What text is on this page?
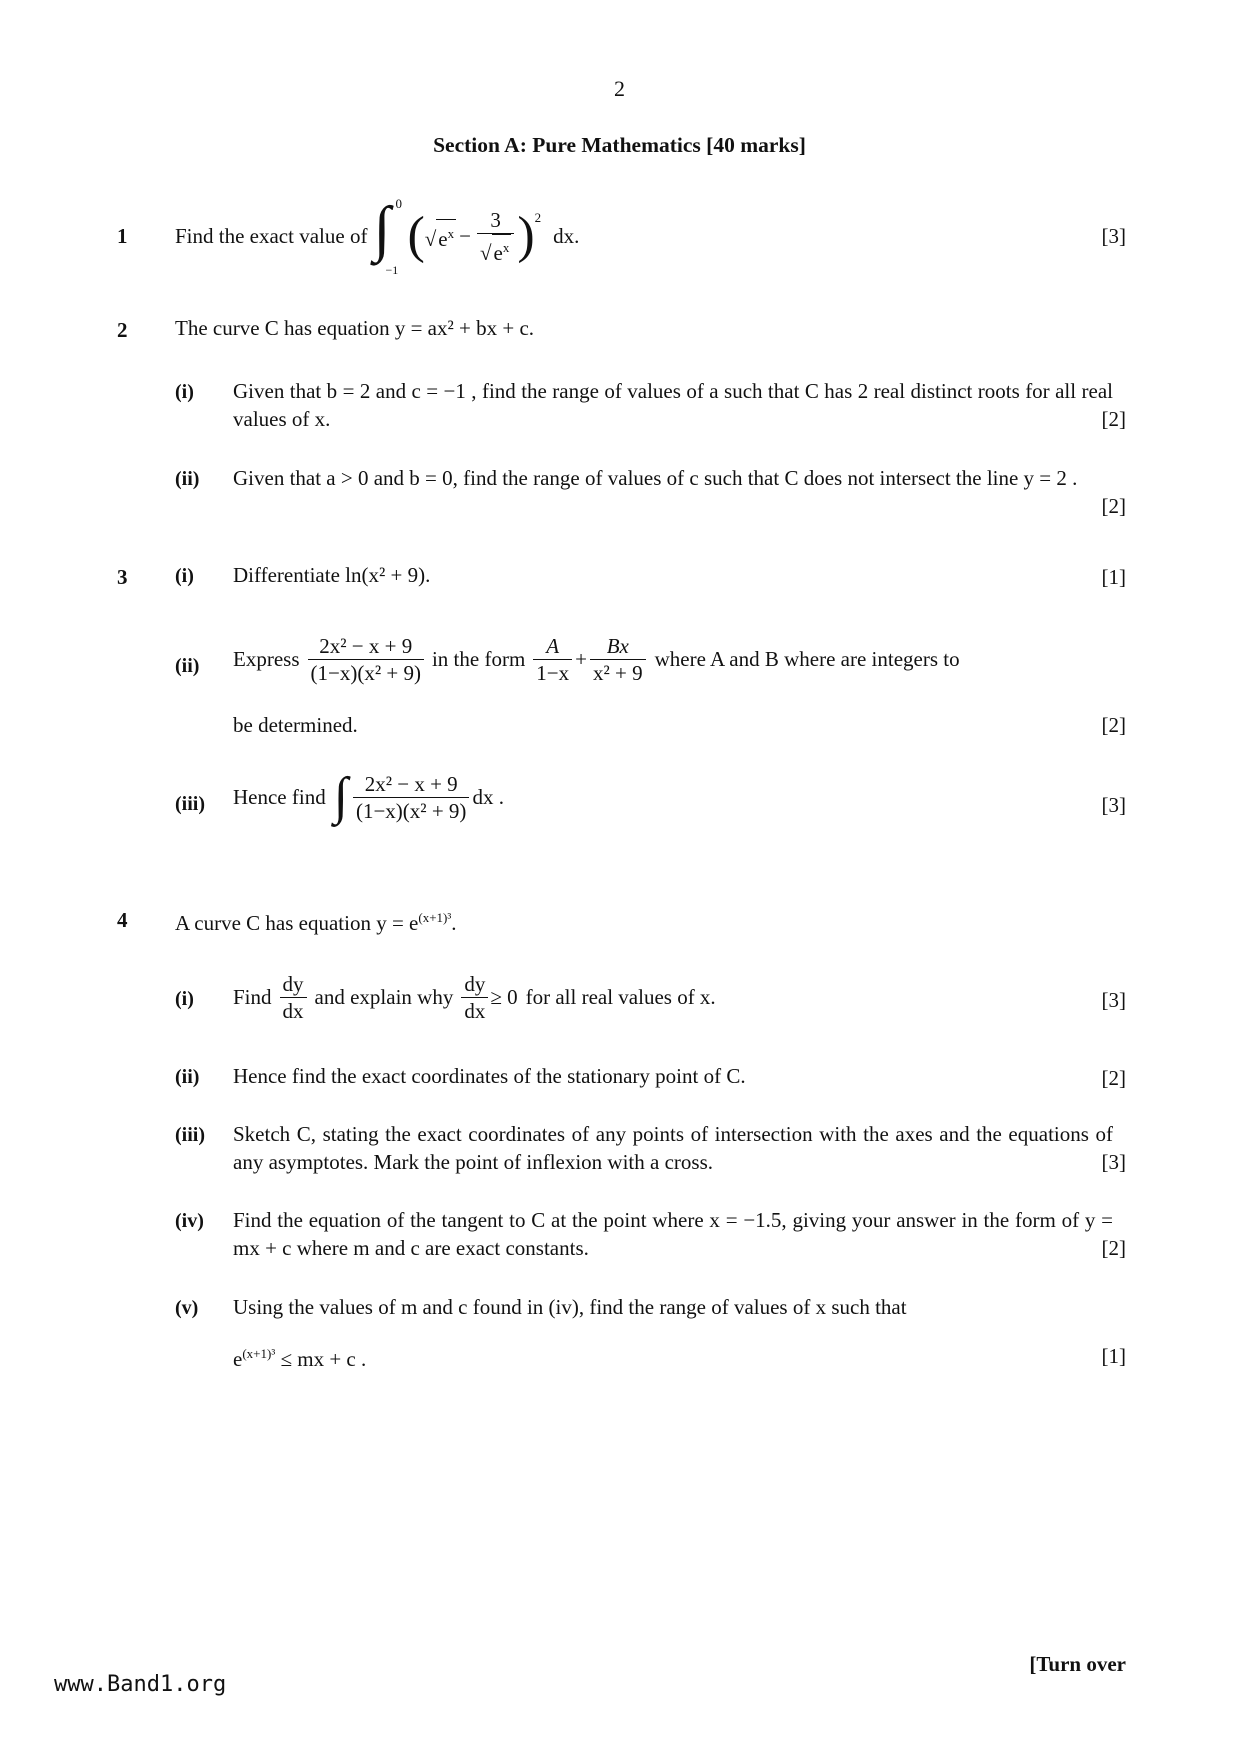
2
Section A: Pure Mathematics [40 marks]
1 Find the exact value of ∫ 0
−1
( $√e^x - \frac{3}{√e^x} )^2$
dx.	[3]
2 The curve C has equation y = ax² + bx + c.
(i) Given that b = 2 and c = −1 , find the range of values of a such that C has 2 real distinct roots for all real values of x.	[2]
(ii) Given that a > 0 and b = 0, find the range of values of c such that C does not intersect the line y = 2 .
[2]
3 (i) Differentiate ln(x² + 9).	[1]
(ii) Express $\frac{\text{2x² − x + 9}}{\text{(1−x)(x² + 9)}}$ in the form $\frac{A}{1-x} + \frac{Bx}{\text{x² + 9}}$ where A and B where are integers to
be determined.	[2]
(iii) Hence find ∫ $\frac{\text{2x² − x + 9}}{\text{(1−x)(x² + 9)}}$ dx .	[3]
4 A curve C has equation $y = e^{(x+1)^3}$.
(i) Find $\frac{dy}{dx}$ and explain why $\frac{dy}{dx} \ge 0$ for all real values of x.	[3]
(ii) Hence find the exact coordinates of the stationary point of C.	[2]
(iii) Sketch C, stating the exact coordinates of any points of intersection with the axes and the equations of any asymptotes. Mark the point of inflexion with a cross.	[3]
(iv) Find the equation of the tangent to C at the point where x = −1.5, giving your answer in the form of y = mx + c where m and c are exact constants.	[2]
(v) Using the values of m and c found in (iv), find the range of values of x such that
$e^{(x+1)^3}$ ≤ mx + c .	[1]
[Turn over
www.Band1.org
